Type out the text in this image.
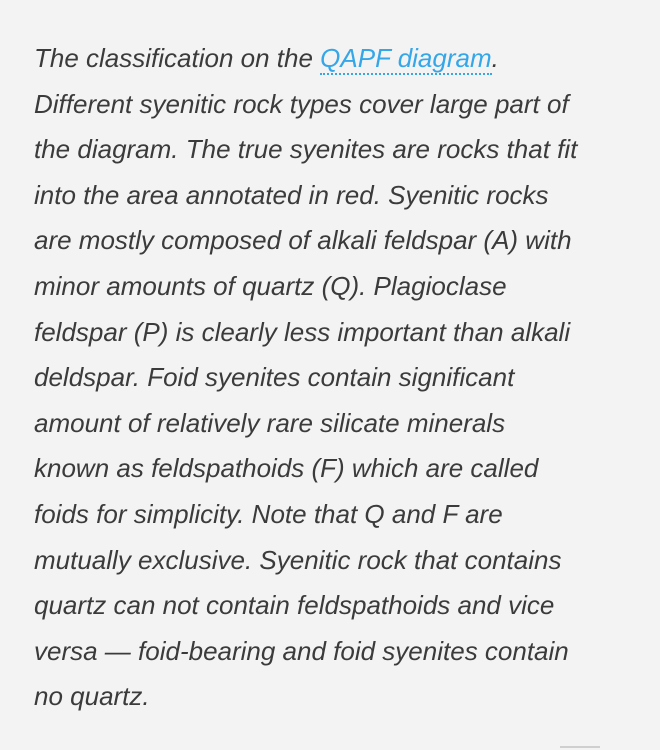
The classification on the QAPF diagram.
Different syenitic rock types cover large part of
the diagram. The true syenites are rocks that fit
into the area annotated in red. Syenitic rocks
are mostly composed of alkali feldspar (A) with
minor amounts of quartz (Q). Plagioclase
feldspar (P) is clearly less important than alkali
deldspar. Foid syenites contain significant
amount of relatively rare silicate minerals
known as feldspathoids (F) which are called
foids for simplicity. Note that Q and F are
mutually exclusive. Syenitic rock that contains
quartz can not contain feldspathoids and vice
versa — foid-bearing and foid syenites contain
no quartz.
